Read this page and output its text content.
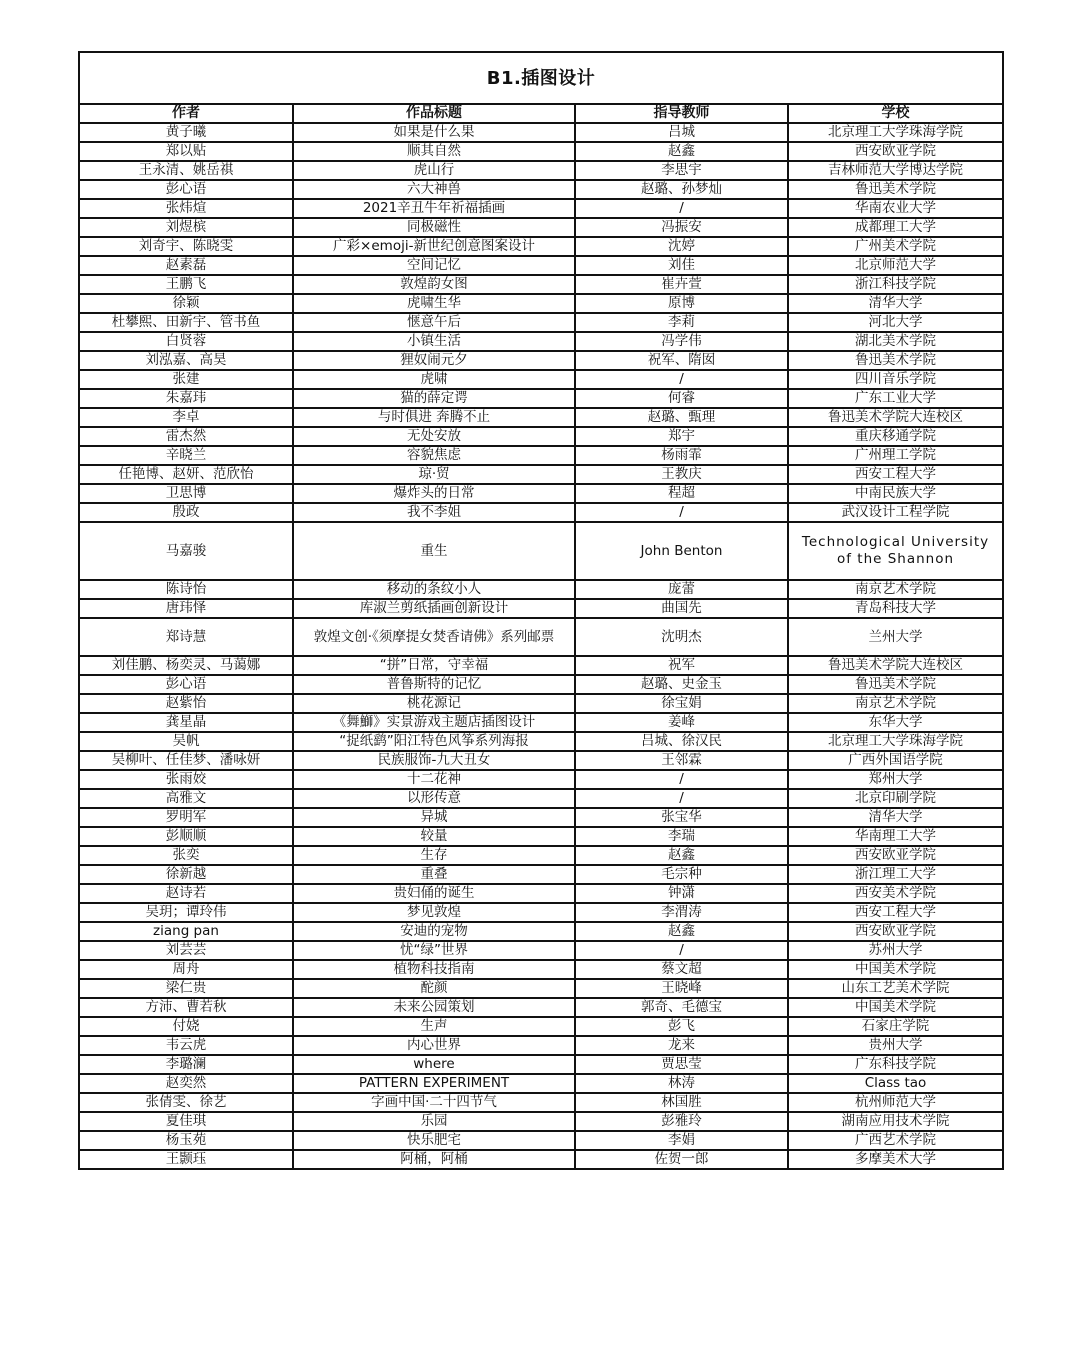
B1.插图设计			
作者	作品标题	指导教师	学校
黄子曦	如果是什么果	吕城	北京理工大学珠海学院
郑以贴	顺其自然	赵鑫	西安欧亚学院
王永清、姚岳祺	虎山行	李思宇	吉林师范大学博达学院
彭心语	六大神兽	赵璐、孙梦灿	鲁迅美术学院
张炜煊	2021辛丑牛年祈福插画	/	华南农业大学
刘煜槟	同极磁性	冯振安	成都理工大学
刘奇宇、陈晓雯	广彩×emoji-新世纪创意图案设计	沈婷	广州美术学院
赵素磊	空间记忆	刘佳	北京师范大学
王鹏飞	敦煌韵女图	崔卉萱	浙江科技学院
徐颖	虎啸生华	原博	清华大学
杜攀熙、田新宇、管书鱼	惬意午后	李莉	河北大学
白贤蓉	小镇生活	冯学伟	湖北美术学院
刘泓嘉、高昊	狸奴闹元夕	祝军、隋囡	鲁迅美术学院
张建	虎啸	/	四川音乐学院
朱嘉玮	猫的薛定谔	何睿	广东工业大学
李卓	与时俱进 奔腾不止	赵璐、甄理	鲁迅美术学院大连校区
雷杰然	无处安放	郑宇	重庆移通学院
辛晓兰	容貌焦虑	杨雨霏	广州理工学院
任艳博、赵妍、范欣怡	琼·贸	王教庆	西安工程大学
卫思博	爆炸头的日常	程超	中南民族大学
殷政	我不李姐	/	武汉设计工程学院
马嘉骏	重生	John Benton	Technological University of the Shannon
陈诗怡	移动的条纹小人	庞蕾	南京艺术学院
唐玮怿	库淑兰剪纸插画创新设计	曲国先	青岛科技大学
郑诗慧	敦煌文创·《须摩提女焚香请佛》系列邮票	沈明杰	兰州大学
刘佳鹏、杨奕灵、马蔼娜	“拼”日常，守幸福	祝军	鲁迅美术学院大连校区
彭心语	普鲁斯特的记忆	赵璐、史金玉	鲁迅美术学院
赵紫怡	桃花源记	徐宝娟	南京艺术学院
龚星晶	《舞鰤》实景游戏主题店插图设计	姜峰	东华大学
吴帆	“捉纸鹞”阳江特色风筝系列海报	吕城、徐汉民	北京理工大学珠海学院
吴柳叶、任佳梦、潘咏妍	民族服饰-九大丑女	王邻霖	广西外国语学院
张雨姣	十二花神	/	郑州大学
高雅文	以形传意	/	北京印刷学院
罗明军	异城	张宝华	清华大学
彭顺顺	较量	李瑞	华南理工大学
张奕	生存	赵鑫	西安欧亚学院
徐新越	重叠	毛宗种	浙江理工大学
赵诗若	贵妇俑的诞生	钟潇	西安美术学院
吴玥；谭玲伟	梦见敦煌	李渭涛	西安工程大学
ziang pan	安迪的宠物	赵鑫	西安欧亚学院
刘芸芸	忧“绿”世界	/	苏州大学
周舟	植物科技指南	蔡文超	中国美术学院
梁仁贵	酡颜	王晓峰	山东工艺美术学院
方沛、曹若秋	未来公园策划	郭奇、毛德宝	中国美术学院
付娆	生声	彭飞	石家庄学院
韦云虎	内心世界	龙来	贵州大学
李璐澜	where	贾思莹	广东科技学院
赵奕然	PATTERN EXPERIMENT	林涛	Class tao
张倩雯、徐艺	字画中国·二十四节气	林国胜	杭州师范大学
夏佳琪	乐园	彭雅玲	湖南应用技术学院
杨玉苑	快乐肥宅	李娟	广西艺术学院
王颢珏	阿桶，阿桶	佐贺一郎	多摩美术大学
